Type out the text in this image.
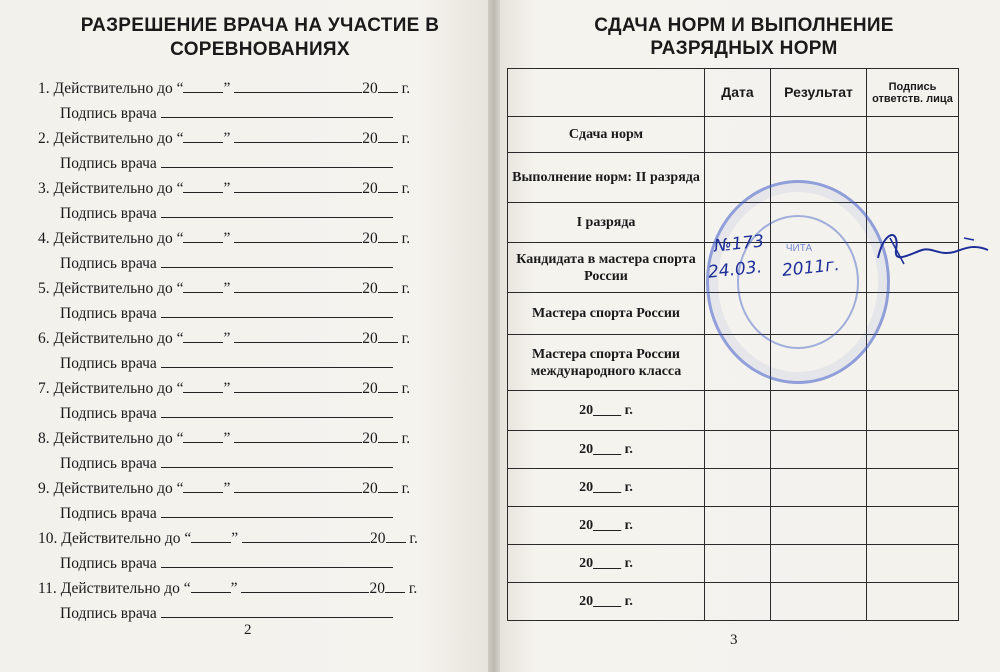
РАЗРЕШЕНИЕ ВРАЧА НА УЧАСТИЕ В СОРЕВНОВАНИЯХ
1. Действительно до “	”	20 г.
Подпись врача
2. Действительно до “	”	20 г.
Подпись врача
3. Действительно до “	”	20 г.
Подпись врача
4. Действительно до “	”	20 г.
Подпись врача
5. Действительно до “	”	20 г.
Подпись врача
6. Действительно до “	”	20 г.
Подпись врача
7. Действительно до “	”	20 г.
Подпись врача
8. Действительно до “	”	20 г.
Подпись врача
9. Действительно до “	”	20 г.
Подпись врача
10. Действительно до “	”	20 г.
Подпись врача
11. Действительно до “	”	20 г.
Подпись врача
2
СДАЧА НОРМ И ВЫПОЛНЕНИЕ РАЗРЯДНЫХ НОРМ
	Дата	Результат	Подпись ответств. лица
Сдача норм			
Выполнение норм: II разряда			
I разряда			
Кандидата в мастера спорта России			
Мастера спорта России			
Мастера спорта России международного класса			
20____ г.			
20____ г.			
20____ г.			
20____ г.			
20____ г.			
20____ г.			
ЧИТА
№173
24.03. 2011г.
3
